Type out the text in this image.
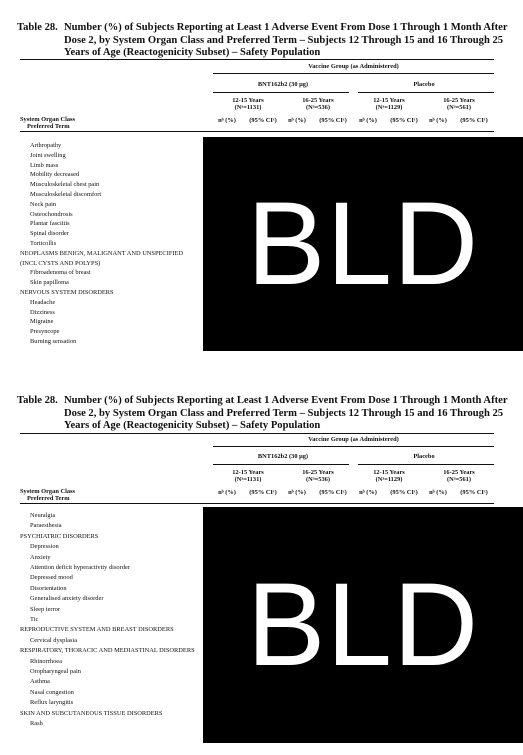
Table 28. Number (%) of Subjects Reporting at Least 1 Adverse Event From Dose 1 Through 1 Month After Dose 2, by System Organ Class and Preferred Term – Subjects 12 Through 15 and 16 Through 25 Years of Age (Reactogenicity Subset) – Safety Population
Vaccine Group (as Administered)
BNT162b2 (30 μg)	Placebo
12-15 Years	16-25 Years	12-15 Years	16-25 Years
(Nᵃ=1131)	(Nᵃ=536)	(Nᵃ=1129)	(Nᵃ=561)
System Organ Class
Preferred Term
nᵇ (%)	(95% CIᶜ)	nᵇ (%)	(95% CIᶜ)	nᵇ (%)	(95% CIᶜ)	nᵇ (%)	(95% CIᶜ)
Arthropathy
Joint swelling
Limb mass
Mobility decreased
Musculoskeletal chest pain
Musculoskeletal discomfort
Neck pain
Osteochondrosis
Plantar fasciitis
Spinal disorder
Torticollis
NEOPLASMS BENIGN, MALIGNANT AND UNSPECIFIED
(INCL CYSTS AND POLYPS)
Fibroadenoma of breast
Skin papilloma
NERVOUS SYSTEM DISORDERS
Headache
Dizziness
Migraine
Presyncope
Burning sensation
BLD
Table 28. Number (%) of Subjects Reporting at Least 1 Adverse Event From Dose 1 Through 1 Month After Dose 2, by System Organ Class and Preferred Term – Subjects 12 Through 15 and 16 Through 25 Years of Age (Reactogenicity Subset) – Safety Population
Vaccine Group (as Administered)
BNT162b2 (30 μg)	Placebo
12-15 Years	16-25 Years	12-15 Years	16-25 Years
(Nᵃ=1131)	(Nᵃ=536)	(Nᵃ=1129)	(Nᵃ=561)
System Organ Class
Preferred Term
nᵇ (%)	(95% CIᶜ)	nᵇ (%)	(95% CIᶜ)	nᵇ (%)	(95% CIᶜ)	nᵇ (%)	(95% CIᶜ)
Neuralgia
Paraesthesia
PSYCHIATRIC DISORDERS
Depression
Anxiety
Attention deficit hyperactivity disorder
Depressed mood
Disorientation
Generalised anxiety disorder
Sleep terror
Tic
REPRODUCTIVE SYSTEM AND BREAST DISORDERS
Cervical dysplasia
RESPIRATORY, THORACIC AND MEDIASTINAL DISORDERS
Rhinorrhoea
Oropharyngeal pain
Asthma
Nasal congestion
Reflux laryngitis
SKIN AND SUBCUTANEOUS TISSUE DISORDERS
Rash
BLD
